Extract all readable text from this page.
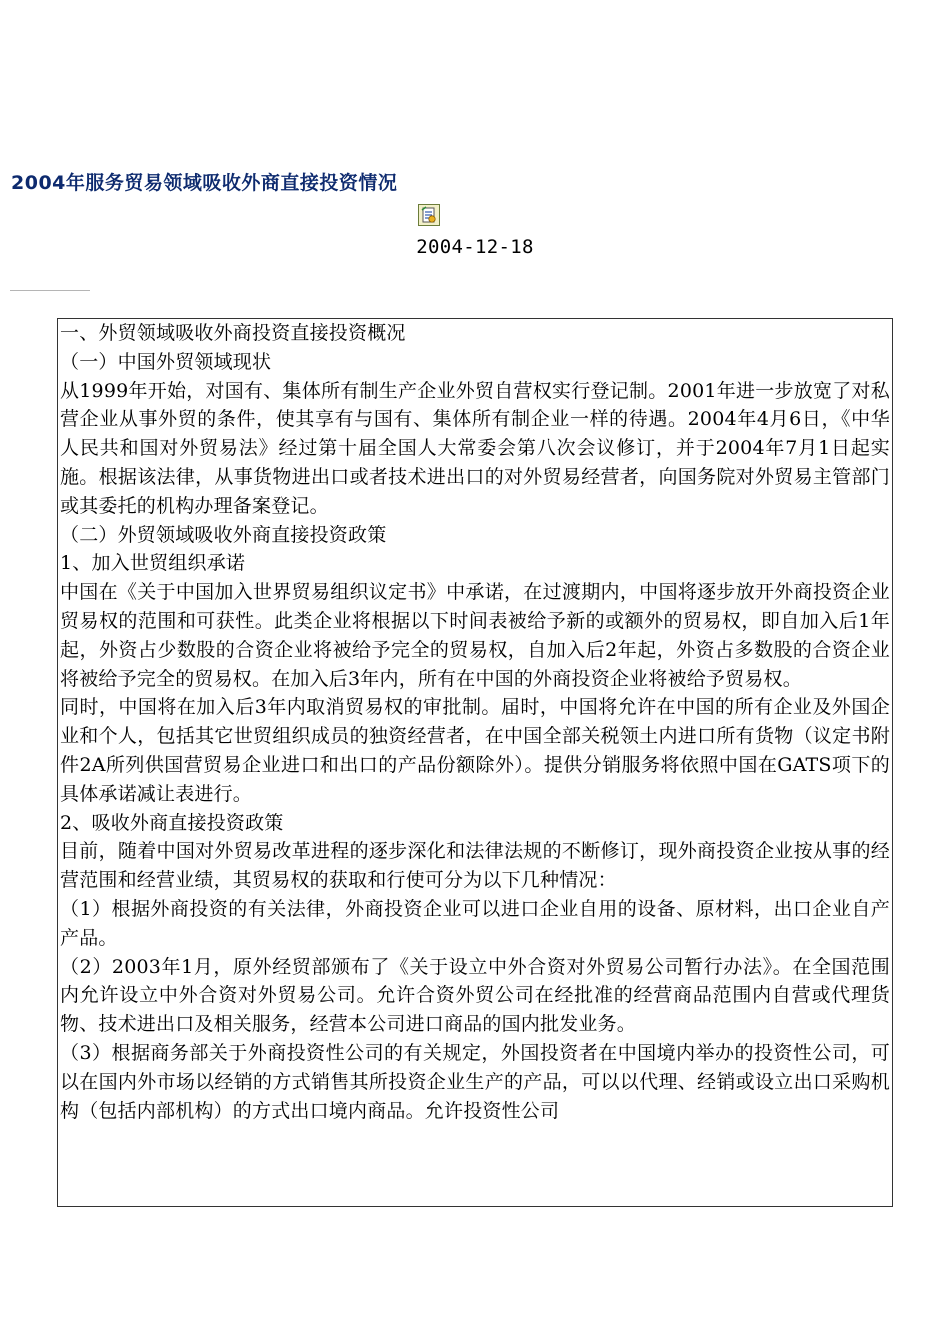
2004年服务贸易领域吸收外商直接投资情况
2004-12-18

一、外贸领域吸收外商投资直接投资概况

（一）中国外贸领域现状

从1999年开始，对国有、集体所有制生产企业外贸自营权实行登记制。2001年进一步放宽了对私营企业从事外贸的条件，使其享有与国有、集体所有制企业一样的待遇。2004年4月6日，《中华人民共和国对外贸易法》经过第十届全国人大常委会第八次会议修订，并于2004年7月1日起实施。根据该法律，从事货物进出口或者技术进出口的对外贸易经营者，向国务院对外贸易主管部门或其委托的机构办理备案登记。

（二）外贸领域吸收外商直接投资政策

1、加入世贸组织承诺

中国在《关于中国加入世界贸易组织议定书》中承诺，在过渡期内，中国将逐步放开外商投资企业贸易权的范围和可获性。此类企业将根据以下时间表被给予新的或额外的贸易权，即自加入后1年起，外资占少数股的合资企业将被给予完全的贸易权，自加入后2年起，外资占多数股的合资企业将被给予完全的贸易权。在加入后3年内，所有在中国的外商投资企业将被给予贸易权。

同时，中国将在加入后3年内取消贸易权的审批制。届时，中国将允许在中国的所有企业及外国企业和个人，包括其它世贸组织成员的独资经营者，在中国全部关税领土内进口所有货物（议定书附件2A所列供国营贸易企业进口和出口的产品份额除外）。提供分销服务将依照中国在GATS项下的具体承诺减让表进行。

2、吸收外商直接投资政策

目前，随着中国对外贸易改革进程的逐步深化和法律法规的不断修订，现外商投资企业按从事的经营范围和经营业绩，其贸易权的获取和行使可分为以下几种情况：

（1）根据外商投资的有关法律，外商投资企业可以进口企业自用的设备、原材料，出口企业自产产品。

（2）2003年1月，原外经贸部颁布了《关于设立中外合资对外贸易公司暂行办法》。在全国范围内允许设立中外合资对外贸易公司。允许合资外贸公司在经批准的经营商品范围内自营或代理货物、技术进出口及相关服务，经营本公司进口商品的国内批发业务。

（3）根据商务部关于外商投资性公司的有关规定，外国投资者在中国境内举办的投资性公司，可以在国内外市场以经销的方式销售其所投资企业生产的产品，可以以代理、经销或设立出口采购机构（包括内部机构）的方式出口境内商品。允许投资性公司
